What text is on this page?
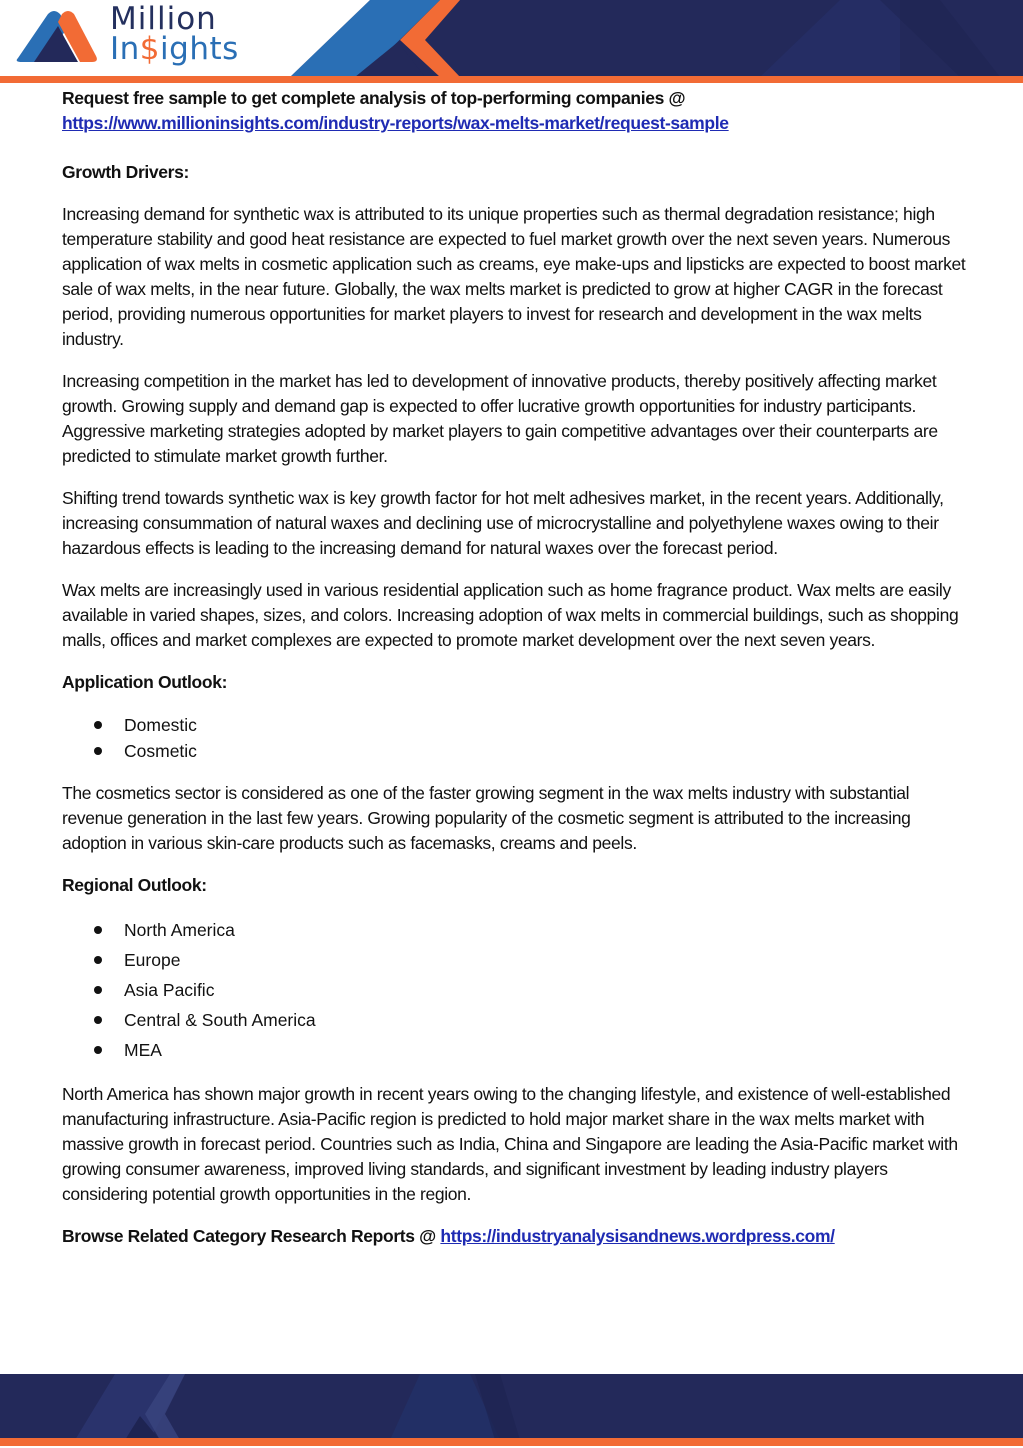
Million
In$ights

Request free sample to get complete analysis of top-performing companies @

https://www.millioninsights.com/industry-reports/wax-melts-market/request-sample

Growth Drivers:

Increasing demand for synthetic wax is attributed to its unique properties such as thermal degradation resistance; high temperature stability and good heat resistance are expected to fuel market growth over the next seven years. Numerous application of wax melts in cosmetic application such as creams, eye make-ups and lipsticks are expected to boost market sale of wax melts, in the near future. Globally, the wax melts market is predicted to grow at higher CAGR in the forecast period, providing numerous opportunities for market players to invest for research and development in the wax melts industry.

Increasing competition in the market has led to development of innovative products, thereby positively affecting market growth. Growing supply and demand gap is expected to offer lucrative growth opportunities for industry participants. Aggressive marketing strategies adopted by market players to gain competitive advantages over their counterparts are predicted to stimulate market growth further.

Shifting trend towards synthetic wax is key growth factor for hot melt adhesives market, in the recent years. Additionally, increasing consummation of natural waxes and declining use of microcrystalline and polyethylene waxes owing to their hazardous effects is leading to the increasing demand for natural waxes over the forecast period.

Wax melts are increasingly used in various residential application such as home fragrance product. Wax melts are easily available in varied shapes, sizes, and colors. Increasing adoption of wax melts in commercial buildings, such as shopping malls, offices and market complexes are expected to promote market development over the next seven years.

Application Outlook:

Domestic
Cosmetic

The cosmetics sector is considered as one of the faster growing segment in the wax melts industry with substantial revenue generation in the last few years. Growing popularity of the cosmetic segment is attributed to the increasing adoption in various skin-care products such as facemasks, creams and peels.

Regional Outlook:

North America
Europe
Asia Pacific
Central & South America
MEA

North America has shown major growth in recent years owing to the changing lifestyle, and existence of well-established manufacturing infrastructure. Asia-Pacific region is predicted to hold major market share in the wax melts market with massive growth in forecast period. Countries such as India, China and Singapore are leading the Asia-Pacific market with growing consumer awareness, improved living standards, and significant investment by leading industry players considering potential growth opportunities in the region.

Browse Related Category Research Reports @ https://industryanalysisandnews.wordpress.com/
